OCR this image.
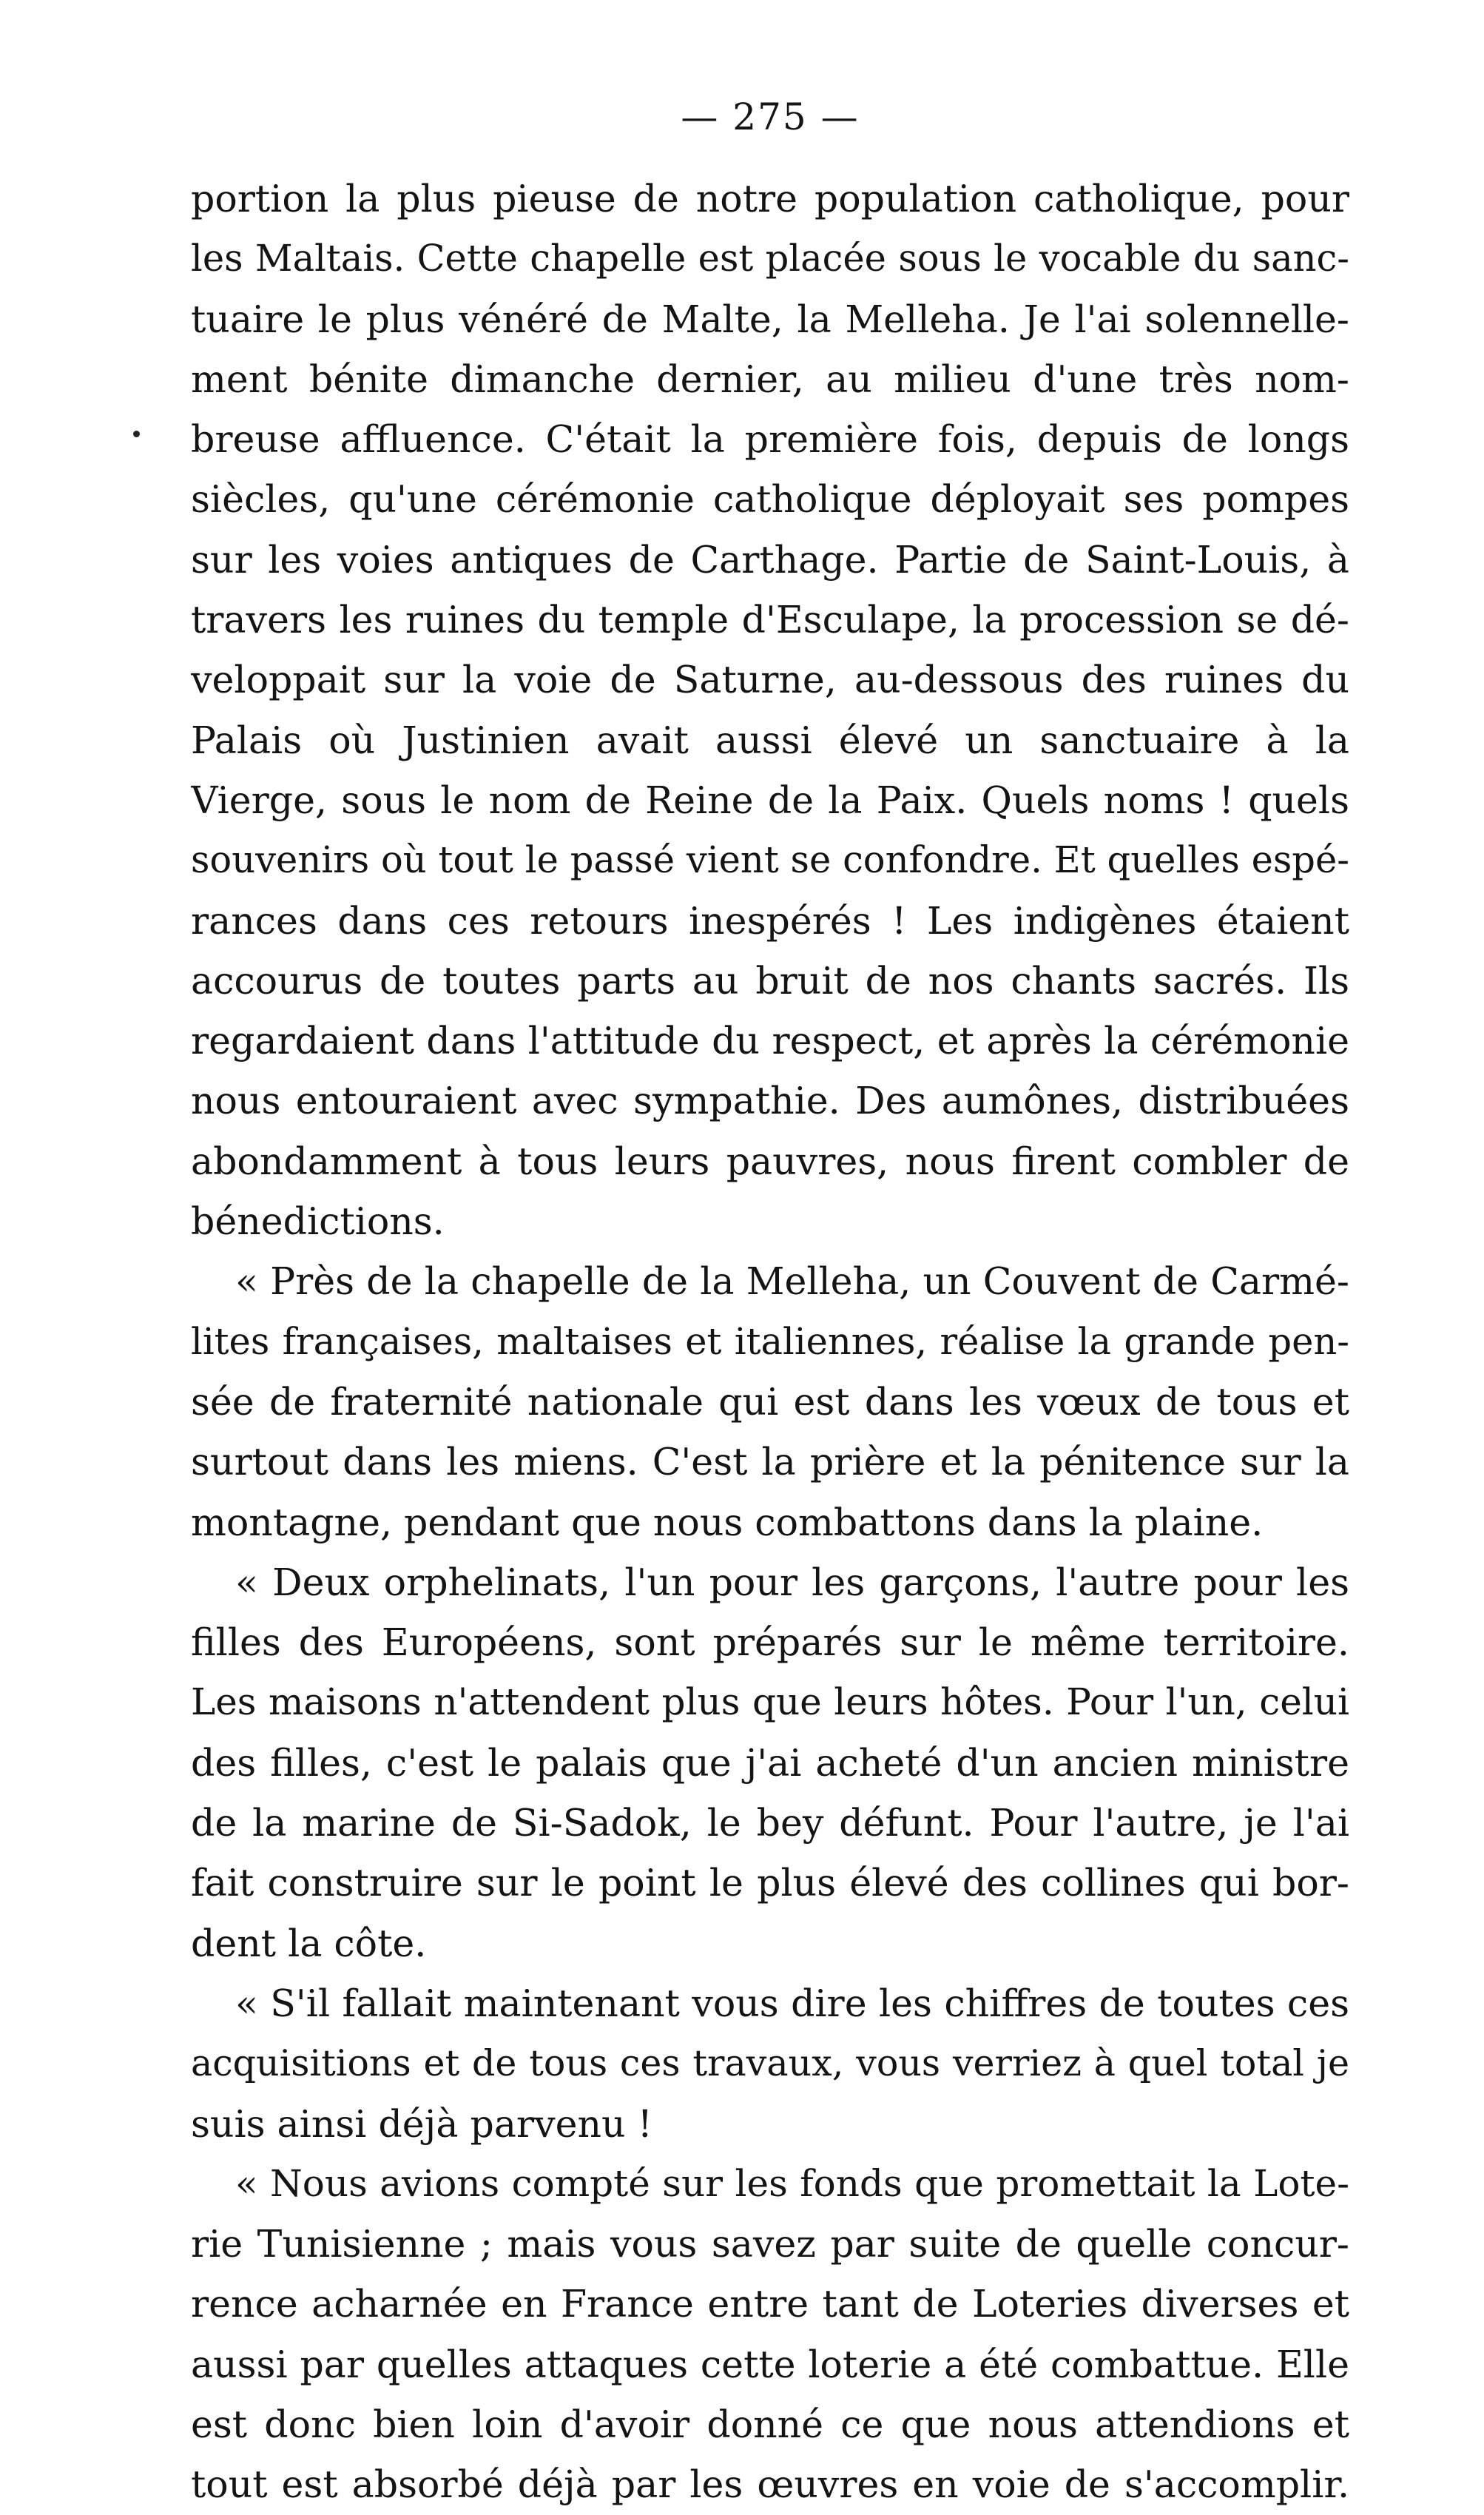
— 275 —
portion la plus pieuse de notre population catholique, pour
les Maltais. Cette chapelle est placée sous le vocable du sanc-
tuaire le plus vénéré de Malte, la Melleha. Je l'ai solennelle-
ment bénite dimanche dernier, au milieu d'une très nom-
breuse affluence. C'était la première fois, depuis de longs
siècles, qu'une cérémonie catholique déployait ses pompes
sur les voies antiques de Carthage. Partie de Saint-Louis, à
travers les ruines du temple d'Esculape, la procession se dé-
veloppait sur la voie de Saturne, au-dessous des ruines du
Palais où Justinien avait aussi élevé un sanctuaire à la
Vierge, sous le nom de Reine de la Paix. Quels noms ! quels
souvenirs où tout le passé vient se confondre. Et quelles espé-
rances dans ces retours inespérés ! Les indigènes étaient
accourus de toutes parts au bruit de nos chants sacrés. Ils
regardaient dans l'attitude du respect, et après la cérémonie
nous entouraient avec sympathie. Des aumônes, distribuées
abondamment à tous leurs pauvres, nous firent combler de
bénedictions.
« Près de la chapelle de la Melleha, un Couvent de Carmé-
lites françaises, maltaises et italiennes, réalise la grande pen-
sée de fraternité nationale qui est dans les vœux de tous et
surtout dans les miens. C'est la prière et la pénitence sur la
montagne, pendant que nous combattons dans la plaine.
« Deux orphelinats, l'un pour les garçons, l'autre pour les
filles des Européens, sont préparés sur le même territoire.
Les maisons n'attendent plus que leurs hôtes. Pour l'un, celui
des filles, c'est le palais que j'ai acheté d'un ancien ministre
de la marine de Si-Sadok, le bey défunt. Pour l'autre, je l'ai
fait construire sur le point le plus élevé des collines qui bor-
dent la côte.
« S'il fallait maintenant vous dire les chiffres de toutes ces
acquisitions et de tous ces travaux, vous verriez à quel total je
suis ainsi déjà parvenu !
« Nous avions compté sur les fonds que promettait la Lote-
rie Tunisienne ; mais vous savez par suite de quelle concur-
rence acharnée en France entre tant de Loteries diverses et
aussi par quelles attaques cette loterie a été combattue. Elle
est donc bien loin d'avoir donné ce que nous attendions et
tout est absorbé déjà par les œuvres en voie de s'accomplir.
